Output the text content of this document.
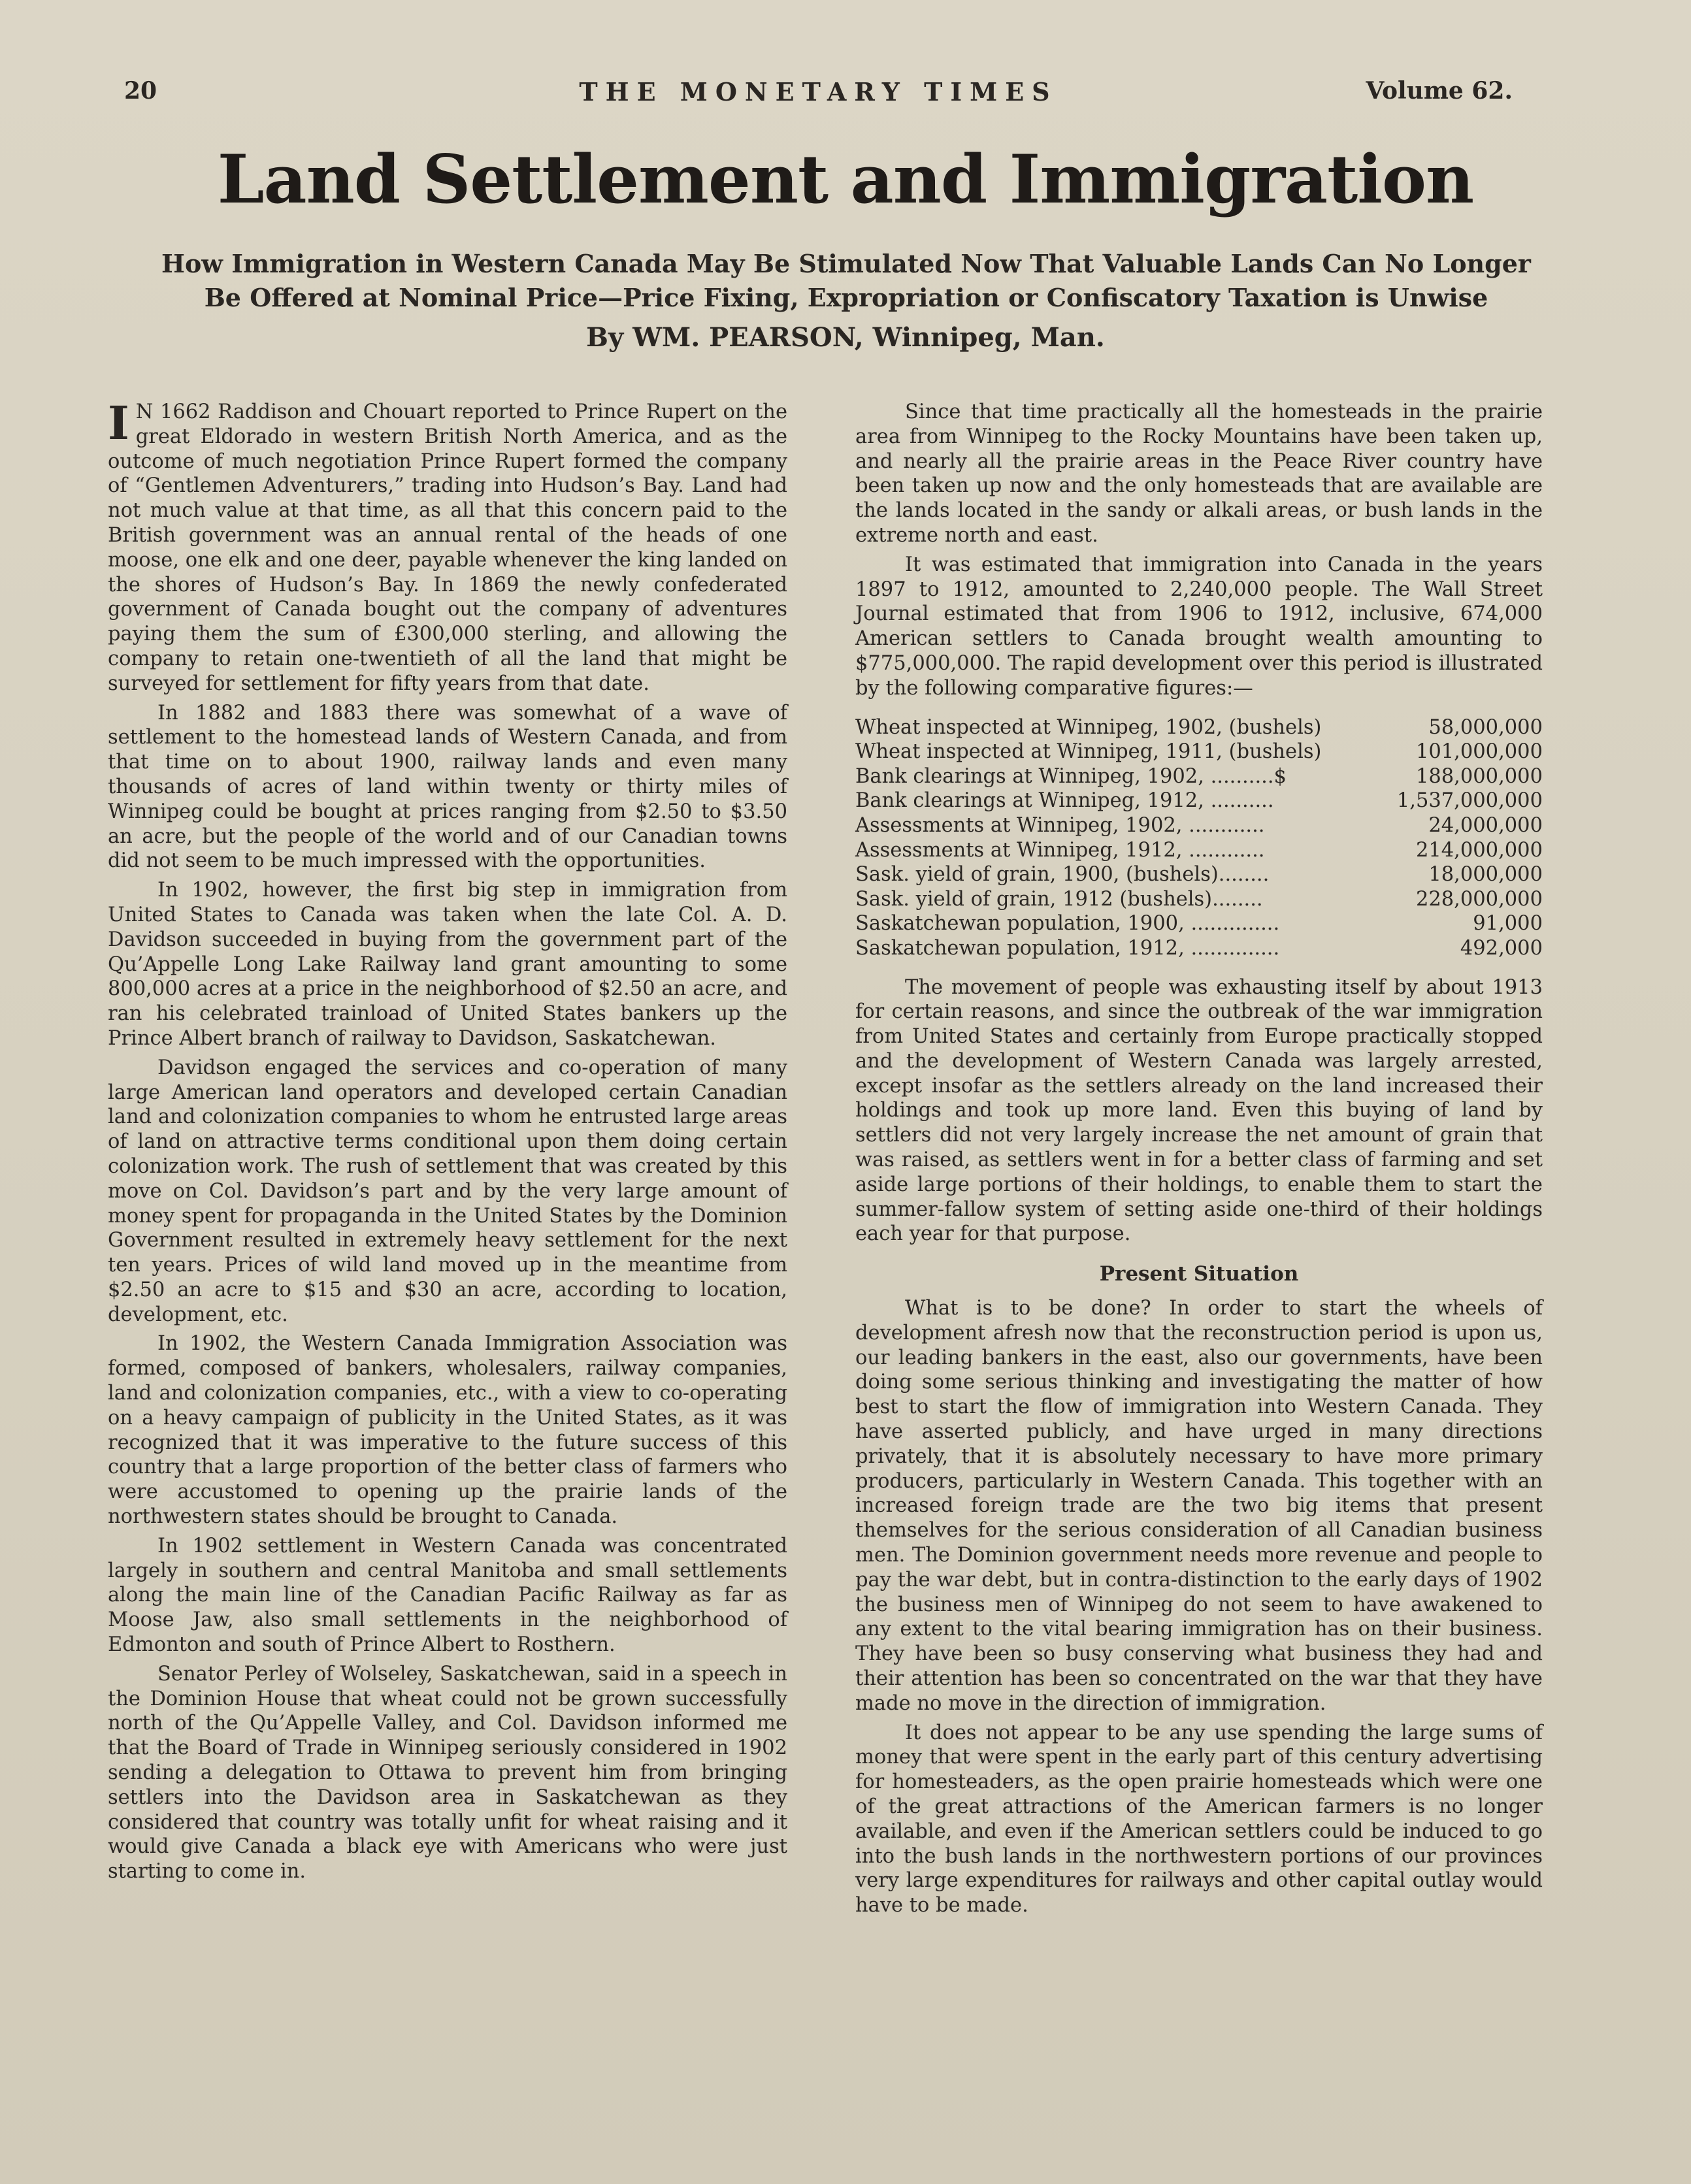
20	THE MONETARY TIMES	Volume 62.
Land Settlement and Immigration
How Immigration in Western Canada May Be Stimulated Now That Valuable Lands Can No Longer
Be Offered at Nominal Price—Price Fixing, Expropriation or Confiscatory Taxation is Unwise
By WM. PEARSON, Winnipeg, Man.

I N 1662 Raddison and Chouart reported to Prince Rupert on the great Eldorado in western British North America, and as the outcome of much negotiation Prince Rupert formed the company of “Gentlemen Adventurers,” trading into Hudson’s Bay. Land had not much value at that time, as all that this concern paid to the British government was an annual rental of the heads of one moose, one elk and one deer, payable whenever the king landed on the shores of Hudson’s Bay. In 1869 the newly confederated government of Canada bought out the company of adventures paying them the sum of £300,000 sterling, and allowing the company to retain one-twentieth of all the land that might be surveyed for settlement for fifty years from that date.

In 1882 and 1883 there was somewhat of a wave of settlement to the homestead lands of Western Canada, and from that time on to about 1900, railway lands and even many thousands of acres of land within twenty or thirty miles of Winnipeg could be bought at prices ranging from $2.50 to $3.50 an acre, but the people of the world and of our Canadian towns did not seem to be much impressed with the opportunities.

In 1902, however, the first big step in immigration from United States to Canada was taken when the late Col. A. D. Davidson succeeded in buying from the government part of the Qu’Appelle Long Lake Railway land grant amounting to some 800,000 acres at a price in the neighborhood of $2.50 an acre, and ran his celebrated trainload of United States bankers up the Prince Albert branch of railway to Davidson, Saskatchewan.

Davidson engaged the services and co-operation of many large American land operators and developed certain Canadian land and colonization companies to whom he entrusted large areas of land on attractive terms conditional upon them doing certain colonization work. The rush of settlement that was created by this move on Col. Davidson’s part and by the very large amount of money spent for propaganda in the United States by the Dominion Government resulted in extremely heavy settlement for the next ten years. Prices of wild land moved up in the meantime from $2.50 an acre to $15 and $30 an acre, according to location, development, etc.

In 1902, the Western Canada Immigration Association was formed, composed of bankers, wholesalers, railway companies, land and colonization companies, etc., with a view to co-operating on a heavy campaign of publicity in the United States, as it was recognized that it was imperative to the future success of this country that a large proportion of the better class of farmers who were accustomed to opening up the prairie lands of the northwestern states should be brought to Canada.

In 1902 settlement in Western Canada was concentrated largely in southern and central Manitoba and small settlements along the main line of the Canadian Pacific Railway as far as Moose Jaw, also small settlements in the neighborhood of Edmonton and south of Prince Albert to Rosthern.

Senator Perley of Wolseley, Saskatchewan, said in a speech in the Dominion House that wheat could not be grown successfully north of the Qu’Appelle Valley, and Col. Davidson informed me that the Board of Trade in Winnipeg seriously considered in 1902 sending a delegation to Ottawa to prevent him from bringing settlers into the Davidson area in Saskatchewan as they considered that country was totally unfit for wheat raising and it would give Canada a black eye with Americans who were just starting to come in.

Since that time practically all the homesteads in the prairie area from Winnipeg to the Rocky Mountains have been taken up, and nearly all the prairie areas in the Peace River country have been taken up now and the only homesteads that are available are the lands located in the sandy or alkali areas, or bush lands in the extreme north and east.

It was estimated that immigration into Canada in the years 1897 to 1912, amounted to 2,240,000 people. The Wall Street Journal estimated that from 1906 to 1912, inclusive, 674,000 American settlers to Canada brought wealth amounting to $775,000,000. The rapid development over this period is illustrated by the following comparative figures:—

Wheat inspected at Winnipeg, 1902, (bushels)	58,000,000
Wheat inspected at Winnipeg, 1911, (bushels)	101,000,000
Bank clearings at Winnipeg, 1902, ..........$	188,000,000
Bank clearings at Winnipeg, 1912, ..........	1,537,000,000
Assessments at Winnipeg, 1902, ............	24,000,000
Assessments at Winnipeg, 1912, ............	214,000,000
Sask. yield of grain, 1900, (bushels)........	18,000,000
Sask. yield of grain, 1912 (bushels)........	228,000,000
Saskatchewan population, 1900, ..............	91,000
Saskatchewan population, 1912, ..............	492,000

The movement of people was exhausting itself by about 1913 for certain reasons, and since the outbreak of the war immigration from United States and certainly from Europe practically stopped and the development of Western Canada was largely arrested, except insofar as the settlers already on the land increased their holdings and took up more land. Even this buying of land by settlers did not very largely increase the net amount of grain that was raised, as settlers went in for a better class of farming and set aside large portions of their holdings, to enable them to start the summer-fallow system of setting aside one-third of their holdings each year for that purpose.

Present Situation

What is to be done? In order to start the wheels of development afresh now that the reconstruction period is upon us, our leading bankers in the east, also our governments, have been doing some serious thinking and investigating the matter of how best to start the flow of immigration into Western Canada. They have asserted publicly, and have urged in many directions privately, that it is absolutely necessary to have more primary producers, particularly in Western Canada. This together with an increased foreign trade are the two big items that present themselves for the serious consideration of all Canadian business men. The Dominion government needs more revenue and people to pay the war debt, but in contra-distinction to the early days of 1902 the business men of Winnipeg do not seem to have awakened to any extent to the vital bearing immigration has on their business. They have been so busy conserving what business they had and their attention has been so concentrated on the war that they have made no move in the direction of immigration.

It does not appear to be any use spending the large sums of money that were spent in the early part of this century advertising for homesteaders, as the open prairie homesteads which were one of the great attractions of the American farmers is no longer available, and even if the American settlers could be induced to go into the bush lands in the northwestern portions of our provinces very large expenditures for railways and other capital outlay would have to be made.
